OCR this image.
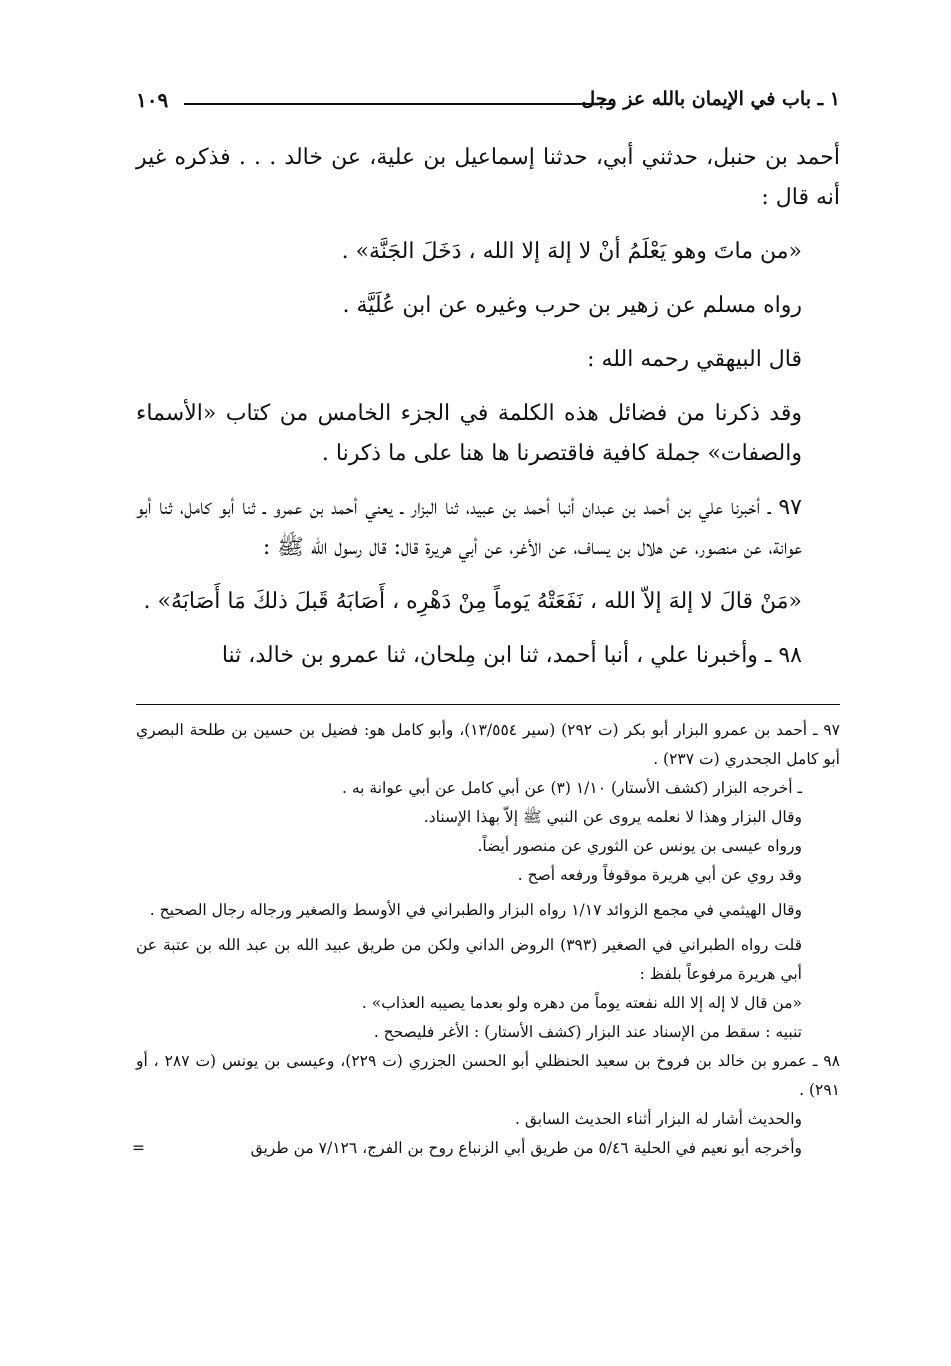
١ ـ باب في الإيمان بالله عز وجل
١٠٩

أحمد بن حنبل، حدثني أبي، حدثنا إسماعيل بن علية، عن خالد . . . فذكره غير أنه قال :

«من ماتَ وهو يَعْلَمُ أنْ لا إلهَ إلا الله ، دَخَلَ الجَنَّة» .

رواه مسلم عن زهير بن حرب وغيره عن ابن عُلَيَّة .

قال البيهقي رحمه الله :

وقد ذكرنا من فضائل هذه الكلمة في الجزء الخامس من كتاب «الأسماء والصفات» جملة كافية فاقتصرنا ها هنا على ما ذكرنا .

٩٧ ـ أخبرنا علي بن أحمد بن عبدان أنبا أحمد بن عبيد، ثنا البزار ـ يعني أحمد بن عمرو ـ ثنا أبو كامل، ثنا أبو عوانة، عن منصور، عن هلال بن يساف، عن الأغر، عن أبي هريرة قال: قال رسول الله ﷺ :

«مَنْ قالَ لا إلهَ إلاّ الله ، نَفَعَتْهُ يَوماً مِنْ دَهْرِه ، أَصَابَهُ قَبلَ ذلكَ مَا أَصَابَهُ» .

٩٨ ـ وأخبرنا علي ، أنبا أحمد، ثنا ابن مِلحان، ثنا عمرو بن خالد، ثنا

٩٧ ـ أحمد بن عمرو البزار أبو بكر (ت ٢٩٢) (سير ١٣/٥٥٤)، وأبو كامل هو: فضيل بن حسين بن طلحة البصري أبو كامل الجحدري (ت ٢٣٧) .

ـ أخرجه البزار (كشف الأستار) ١/١٠ (٣) عن أبي كامل عن أبي عوانة به .

وقال البزار وهذا لا نعلمه يروى عن النبي ﷺ إلاّ بهذا الإسناد.

ورواه عيسى بن يونس عن الثوري عن منصور أيضاً.

وقد روي عن أبي هريرة موقوفاً ورفعه أصح .

وقال الهيثمي في مجمع الزوائد ١/١٧ رواه البزار والطبراني في الأوسط والصغير ورجاله رجال الصحيح .

قلت رواه الطبراني في الصغير (٣٩٣) الروض الداني ولكن من طريق عبيد الله بن عبد الله بن عتبة عن أبي هريرة مرفوعاً بلفظ :

«من قال لا إله إلا الله نفعته يوماً من دهره ولو بعدما يصيبه العذاب» .

تنبيه : سقط من الإسناد عند البزار (كشف الأستار) : الأغر فليصحح .

٩٨ ـ عمرو بن خالد بن فروخ بن سعيد الحنظلي أبو الحسن الجزري (ت ٢٢٩)، وعيسى بن يونس (ت ٢٨٧ ، أو ٢٩١) .

والحديث أشار له البزار أثناء الحديث السابق .

وأخرجه أبو نعيم في الحلية ٥/٤٦ من طريق أبي الزنباع روح بن الفرج، ٧/١٢٦ من طريق
=
